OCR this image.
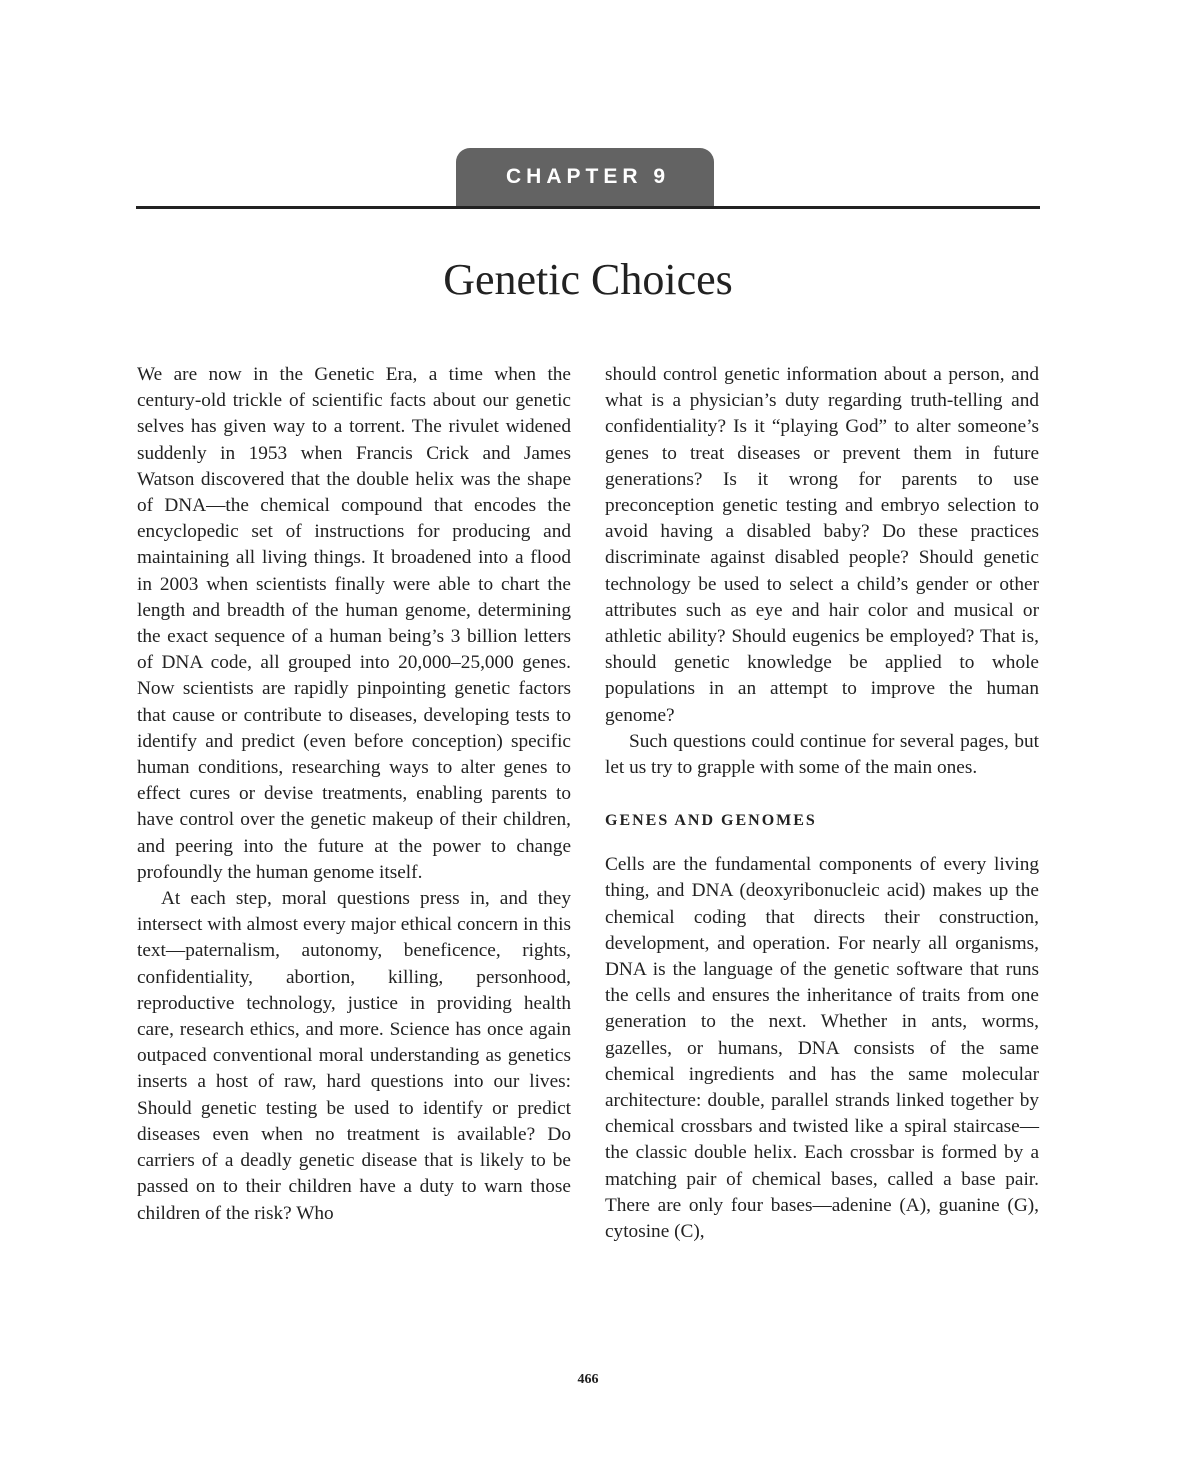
CHAPTER 9
Genetic Choices

We are now in the Genetic Era, a time when the century-old trickle of scientific facts about our genetic selves has given way to a torrent. The rivulet widened suddenly in 1953 when Francis Crick and James Watson discovered that the double helix was the shape of DNA—the chemical compound that encodes the encyclopedic set of instructions for producing and maintaining all living things. It broadened into a flood in 2003 when scientists finally were able to chart the length and breadth of the human genome, determining the exact sequence of a human being’s 3 billion letters of DNA code, all grouped into 20,000–25,000 genes. Now scientists are rapidly pinpointing genetic factors that cause or contribute to diseases, developing tests to identify and predict (even before conception) specific human conditions, researching ways to alter genes to effect cures or devise treatments, enabling parents to have control over the genetic makeup of their children, and peering into the future at the power to change profoundly the human genome itself.

At each step, moral questions press in, and they intersect with almost every major ethical concern in this text—paternalism, autonomy, beneficence, rights, confidentiality, abortion, killing, personhood, reproductive technology, justice in providing health care, research ethics, and more. Science has once again outpaced conventional moral understanding as genetics inserts a host of raw, hard questions into our lives: Should genetic testing be used to identify or predict diseases even when no treatment is available? Do carriers of a deadly genetic disease that is likely to be passed on to their children have a duty to warn those children of the risk? Who

should control genetic information about a person, and what is a physician’s duty regarding truth-telling and confidentiality? Is it “playing God” to alter someone’s genes to treat diseases or prevent them in future generations? Is it wrong for parents to use preconception genetic testing and embryo selection to avoid having a disabled baby? Do these practices discriminate against disabled people? Should genetic technology be used to select a child’s gender or other attributes such as eye and hair color and musical or athletic ability? Should eugenics be employed? That is, should genetic knowledge be applied to whole populations in an attempt to improve the human genome?

Such questions could continue for several pages, but let us try to grapple with some of the main ones.

GENES AND GENOMES

Cells are the fundamental components of every living thing, and DNA (deoxyribonucleic acid) makes up the chemical coding that directs their construction, development, and operation. For nearly all organisms, DNA is the language of the genetic software that runs the cells and ensures the inheritance of traits from one generation to the next. Whether in ants, worms, gazelles, or humans, DNA consists of the same chemical ingredients and has the same molecular architecture: double, parallel strands linked together by chemical crossbars and twisted like a spiral staircase—the classic double helix. Each crossbar is formed by a matching pair of chemical bases, called a base pair. There are only four bases—adenine (A), guanine (G), cytosine (C),

466
